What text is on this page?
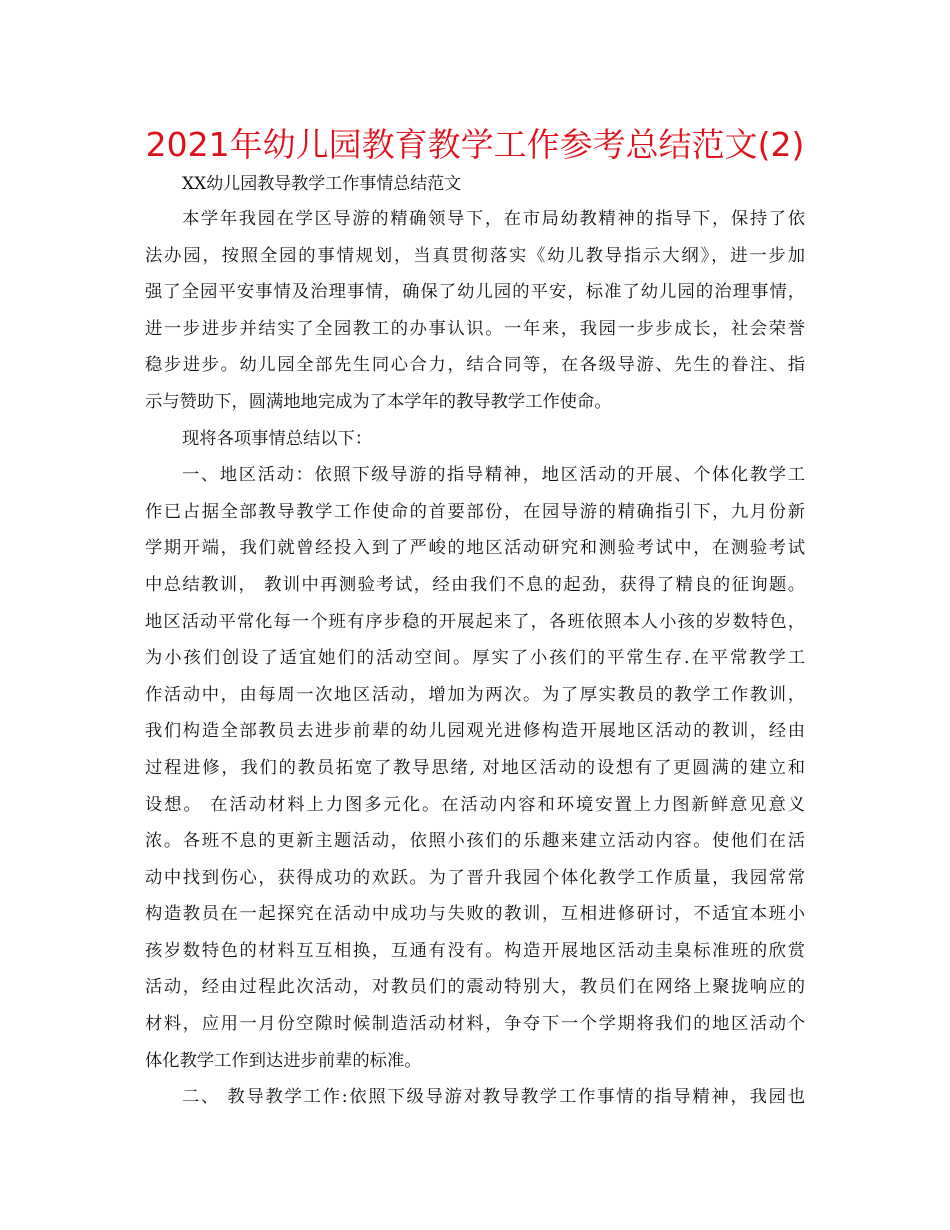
2021年幼儿园教育教学工作参考总结范文(2)
XX幼儿园教导教学工作事情总结范文
本学年我园在学区导游的精确领导下，在市局幼教精神的指导下，保持了依
法办园，按照全园的事情规划，当真贯彻落实《幼儿教导指示大纲》，进一步加
强了全园平安事情及治理事情，确保了幼儿园的平安，标准了幼儿园的治理事情，
进一步进步并结实了全园教工的办事认识。一年来，我园一步步成长，社会荣誉
稳步进步。幼儿园全部先生同心合力，结合同等，在各级导游、先生的眷注、指
示与赞助下，圆满地地完成为了本学年的教导教学工作使命。
现将各项事情总结以下：
一、地区活动：依照下级导游的指导精神，地区活动的开展、个体化教学工
作已占据全部教导教学工作使命的首要部份，在园导游的精确指引下，九月份新
学期开端，我们就曾经投入到了严峻的地区活动研究和测验考试中，在测验考试
中总结教训， 教训中再测验考试，经由我们不息的起劲，获得了精良的征询题。
地区活动平常化每一个班有序步稳的开展起来了，各班依照本人小孩的岁数特色，
为小孩们创设了适宜她们的活动空间。厚实了小孩们的平常生存.在平常教学工
作活动中，由每周一次地区活动，增加为两次。为了厚实教员的教学工作教训，
我们构造全部教员去进步前辈的幼儿园观光进修构造开展地区活动的教训，经由
过程进修，我们的教员拓宽了教导思绪, 对地区活动的设想有了更圆满的建立和
设想。 在活动材料上力图多元化。在活动内容和环境安置上力图新鲜意见意义
浓。各班不息的更新主题活动，依照小孩们的乐趣来建立活动内容。使他们在活
动中找到伤心，获得成功的欢跃。为了晋升我园个体化教学工作质量，我园常常
构造教员在一起探究在活动中成功与失败的教训，互相进修研讨，不适宜本班小
孩岁数特色的材料互互相换，互通有没有。构造开展地区活动圭臬标准班的欣赏
活动，经由过程此次活动，对教员们的震动特别大，教员们在网络上聚拢响应的
材料，应用一月份空隙时候制造活动材料，争夺下一个学期将我们的地区活动个
体化教学工作到达进步前辈的标准。
二、 教导教学工作:依照下级导游对教导教学工作事情的指导精神，我园也
